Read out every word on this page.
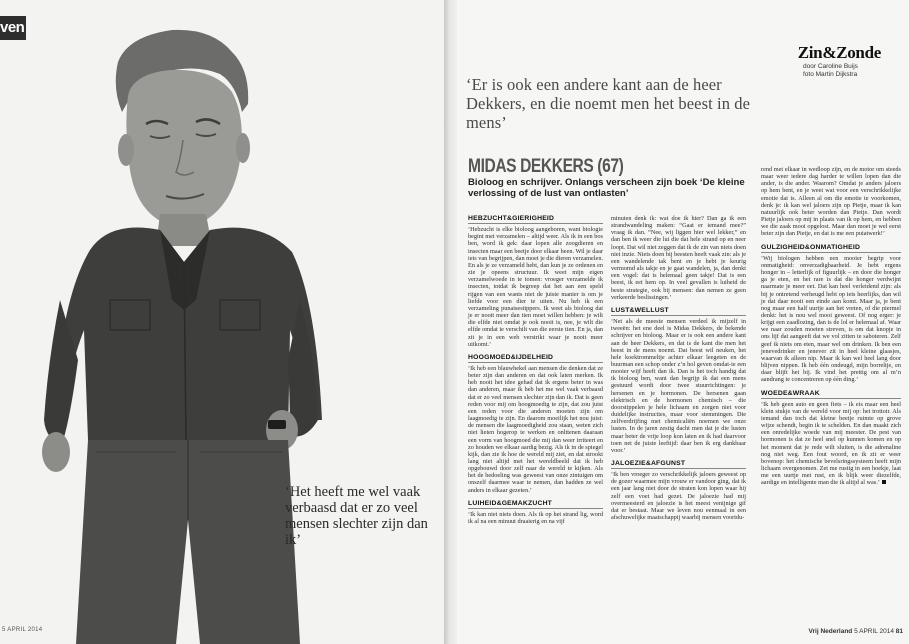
ven
‘Het heeft me wel vaak verbaasd dat er zo veel mensen slechter zijn dan ik’
5 APRIL 2014
Zin&Zonde
door Caroline Buijs
foto Martin Dijkstra
‘Er is ook een andere kant aan de heer Dekkers, en die noemt men het beest in de mens’
MIDAS DEKKERS (67)
Bioloog en schrijver. Onlangs verscheen zijn boek ‘De kleine verlossing of de lust van ontlasten’
HEBZUCHT&GIERIGHEID
‘Hebzucht is elke bioloog aangeboren, want biologie begint met verzamelen – altijd weer. Als ik in een bos ben, word ik gek: daar lopen alle zoogdieren en insecten maar een beetje door elkaar heen. Wil je daar iets van begrijpen, dan moet je die dieren verzamelen. En als je ze verzameld hebt, dan kun je ze ordenen en zie je opeens structuur. Ik weet mijn eigen verzamelwoede in te tomen: vroeger verzamelde ik insecten, totdat ik begreep dat het aan een speld rijgen van een wants niet de juiste manier is om je liefde voor een dier te uiten. Nu heb ik een verzameling punaisestippers. Ik weet als bioloog dat je er nooit meer dan tien moet willen hebben: je wilt die elfde niet omdat je ook nooit is, nee, je wilt die elfde omdat ie verschilt van die eerste tien. En ja, dan zit je in een web verstrikt waar je nooit meer uitkomt.’
HOOGMOED&IJDELHEID
‘Ik heb een blauwhekel aan mensen die denken dat ze beter zijn dan anderen en dat ook laten merken. Ik heb nooit het idee gehad dat ik ergens beter in was dan anderen, maar ik heb het me wel vaak verbaasd dat er zo veel mensen slechter zijn dan ik. Dat is geen reden voor mij om hoogmoedig te zijn, dat zou juist een reden voor die anderen moeten zijn om laagmoedig te zijn. En daarom moeilijk het nou juist: de mensen die laagmoedigheid zou staan, weten zich niet lieten hogerop te werken en onlttenen daaraan een vorm van hoogmoed die mij dan weer irriteert en zo houden we elkaar aardig bezig. Als ik in de spiegel kijk, dan zie ik hoe de wereld mij ziet, en dat strookt lang niet altijd met het wereldbeeld dat ik heb opgebouwd door zelf naar de wereld te kijken. Als het de bedoeling was geweest van onze zintuigen om onszelf daarmee waar te nemen, dan hadden ze wel anders in elkaar gezeten.’
LUIHEID&GEMAKZUCHT
‘Ik kan niet niets doen. Als ik op het strand lig, word ik al na een minuut draaierig en na vijf
minuten denk ik: wat doe ik hier? Dan ga ik een strandwandeling maken: “Gaat er iemand mee?” vraag ik dan. “Nee, wij liggen hier wel lekker,” en dan ben ik weer die lui die dat hele strand op en neer loopt. Dat wil niet zeggen dat ik de zin van niets doen niet inzie. Niets doen bij beesten heeft vaak zin: als je een wandelende tak bent en je hebt je keurig vermomd als takje en je gaat wandelen, ja, dan denkt een vogel: dat is helemaal geen takje! Dat is een beest, ik eet hem op. In veel gevallen is luiheid de beste strategie, ook bij mensen: dan nemen ze geen verkeerde beslissingen.’
LUST&WELLUST
‘Net als de meeste mensen verdeel ik mijzelf in tweeën: het ene deel is Midas Dekkers, de bekende schrijver en bioloog. Maar er is ook een andere kant aan de heer Dekkers, en dat is de kant die men het beest in de mens noemt. Dat beest wil neuken, het hele koektrommeltje achter elkaar leegeten en de buurman een schop onder z’n hol geven omdat-ie een mooier wijf heeft dan ik. Dan is het toch handig dat ik bioloog ben, want dan begrijp ik dat een mens gestuurd wordt door twee stuurrichtingen: je hersenen en je hormonen. De hersenen gaan elektrisch en de hormonen chemisch – die doorstippelen je hele lichaam en zorgen niet voor duidelijke instructies, maar voor stemmingen. Die zelfverdrijfing met chemicaliën noemen we onze lusten. In de jaren zestig dacht men dat je die lusten maar beter de vrije loop kon laten en ik had daarvoor toen net de juiste leeftijd: daar ben ik erg dankbaar voor.’
JALOEZIE&AFGUNST
‘Ik ben vroeger zo verschrikkelijk jaloers geweest op de gozer waarmee mijn vrouw er vandoor ging, dat ik een jaar lang niet door de straten kon lopen waar hij zelf een voet had gezet. De jaloezie had mij overmeesterd en jaloezie is het meest venijnige gif dat er bestaat. Maar we leven nou eenmaal in een afschuwelijke maatschappij waarbij mensen voortdu-
rend met elkaar in wedloop zijn, en de motor om steeds maar weer iedere dag harder te willen lopen dan die ander, is die ander. Waarom? Omdat je anders jaloers op hem bent, en je weet wat voor een verschrikkelijke emotie dat is. Alleen al om die emotie te voorkomen, denk je: ik kan wel jaloers zijn op Pietje, maar ik kan natuurlijk ook beter worden dan Pietje. Dan wordt Pietje jaloers op mij in plaats van ik op hem, en hebben we die zaak mooi opgelost. Maar dan moet je wel eerst beter zijn dan Pietje, en dat is me een puiatwerk!’
GULZIGHEID&ONMATIGHEID
‘Wij biologen hebben een mooier begrip voor onmatigheid: onverzadigbaarheid. Je hebt ergens honger in – letterlijk of figuurlijk – en door die honger ga je eten, en het rare is dat die honger verdwijnt naarmate je meer eet. Dat kan heel verleidend zijn: als bij je ontretend verheugd hebt op iets heerlijks, dan wil je dat daar nooit een einde aan komt. Maar ja, je bent nog maar een half uurtje aan het vreten, of die piermel denkt: het is nou wel mooi geweest. Of nog erger: je krijgt een zaadlozing, dan is de lol er helemaal af. Waar we naar zouden moeten streven, is om dat knopje in ons lijf dat aangeeft dat we vol zitten te saboteren. Zelf geef ik niets om eten, maar wel om drinken. Ik ben een jenevedrinker en jenever zit in heel kleine glaasjes, waarvan ik alleen nip. Maar ik kan wel heel lang door blijven nippen. Ik heb één ondeugd, mijn borreltje, en daar blijft het bij. Ik vind het prettig om al m’n aandrang te concentreren op één ding.’
WOEDE&WRAAK
‘Ik heb geen auto en geen fiets – ik eis maar een heel klein stukje van de wereld voor mij op: het trottoir. Als iemand dan toch dat kleine beetje ruimte op grove wijze schendt, begin ik te schelden. En dan maakt zich een onredelijke woede van mij meester. De pest van hormonen is dat ze heel snel op kunnen komen en op het moment dat je rede wilt sluiten, is die adrenaline nog niet weg. Een fout woord, en ik zit er weer bovenop: het chemische bevelsringssysteem heeft mijn lichaam overgenomen. Zet me rustig in een hoekje, laat me een uurtje met rust, en ik blijk weer diezelfde, aardige en intelligente man die ik altijd al was.’
Vrij Nederland 5 APRIL 2014 81
